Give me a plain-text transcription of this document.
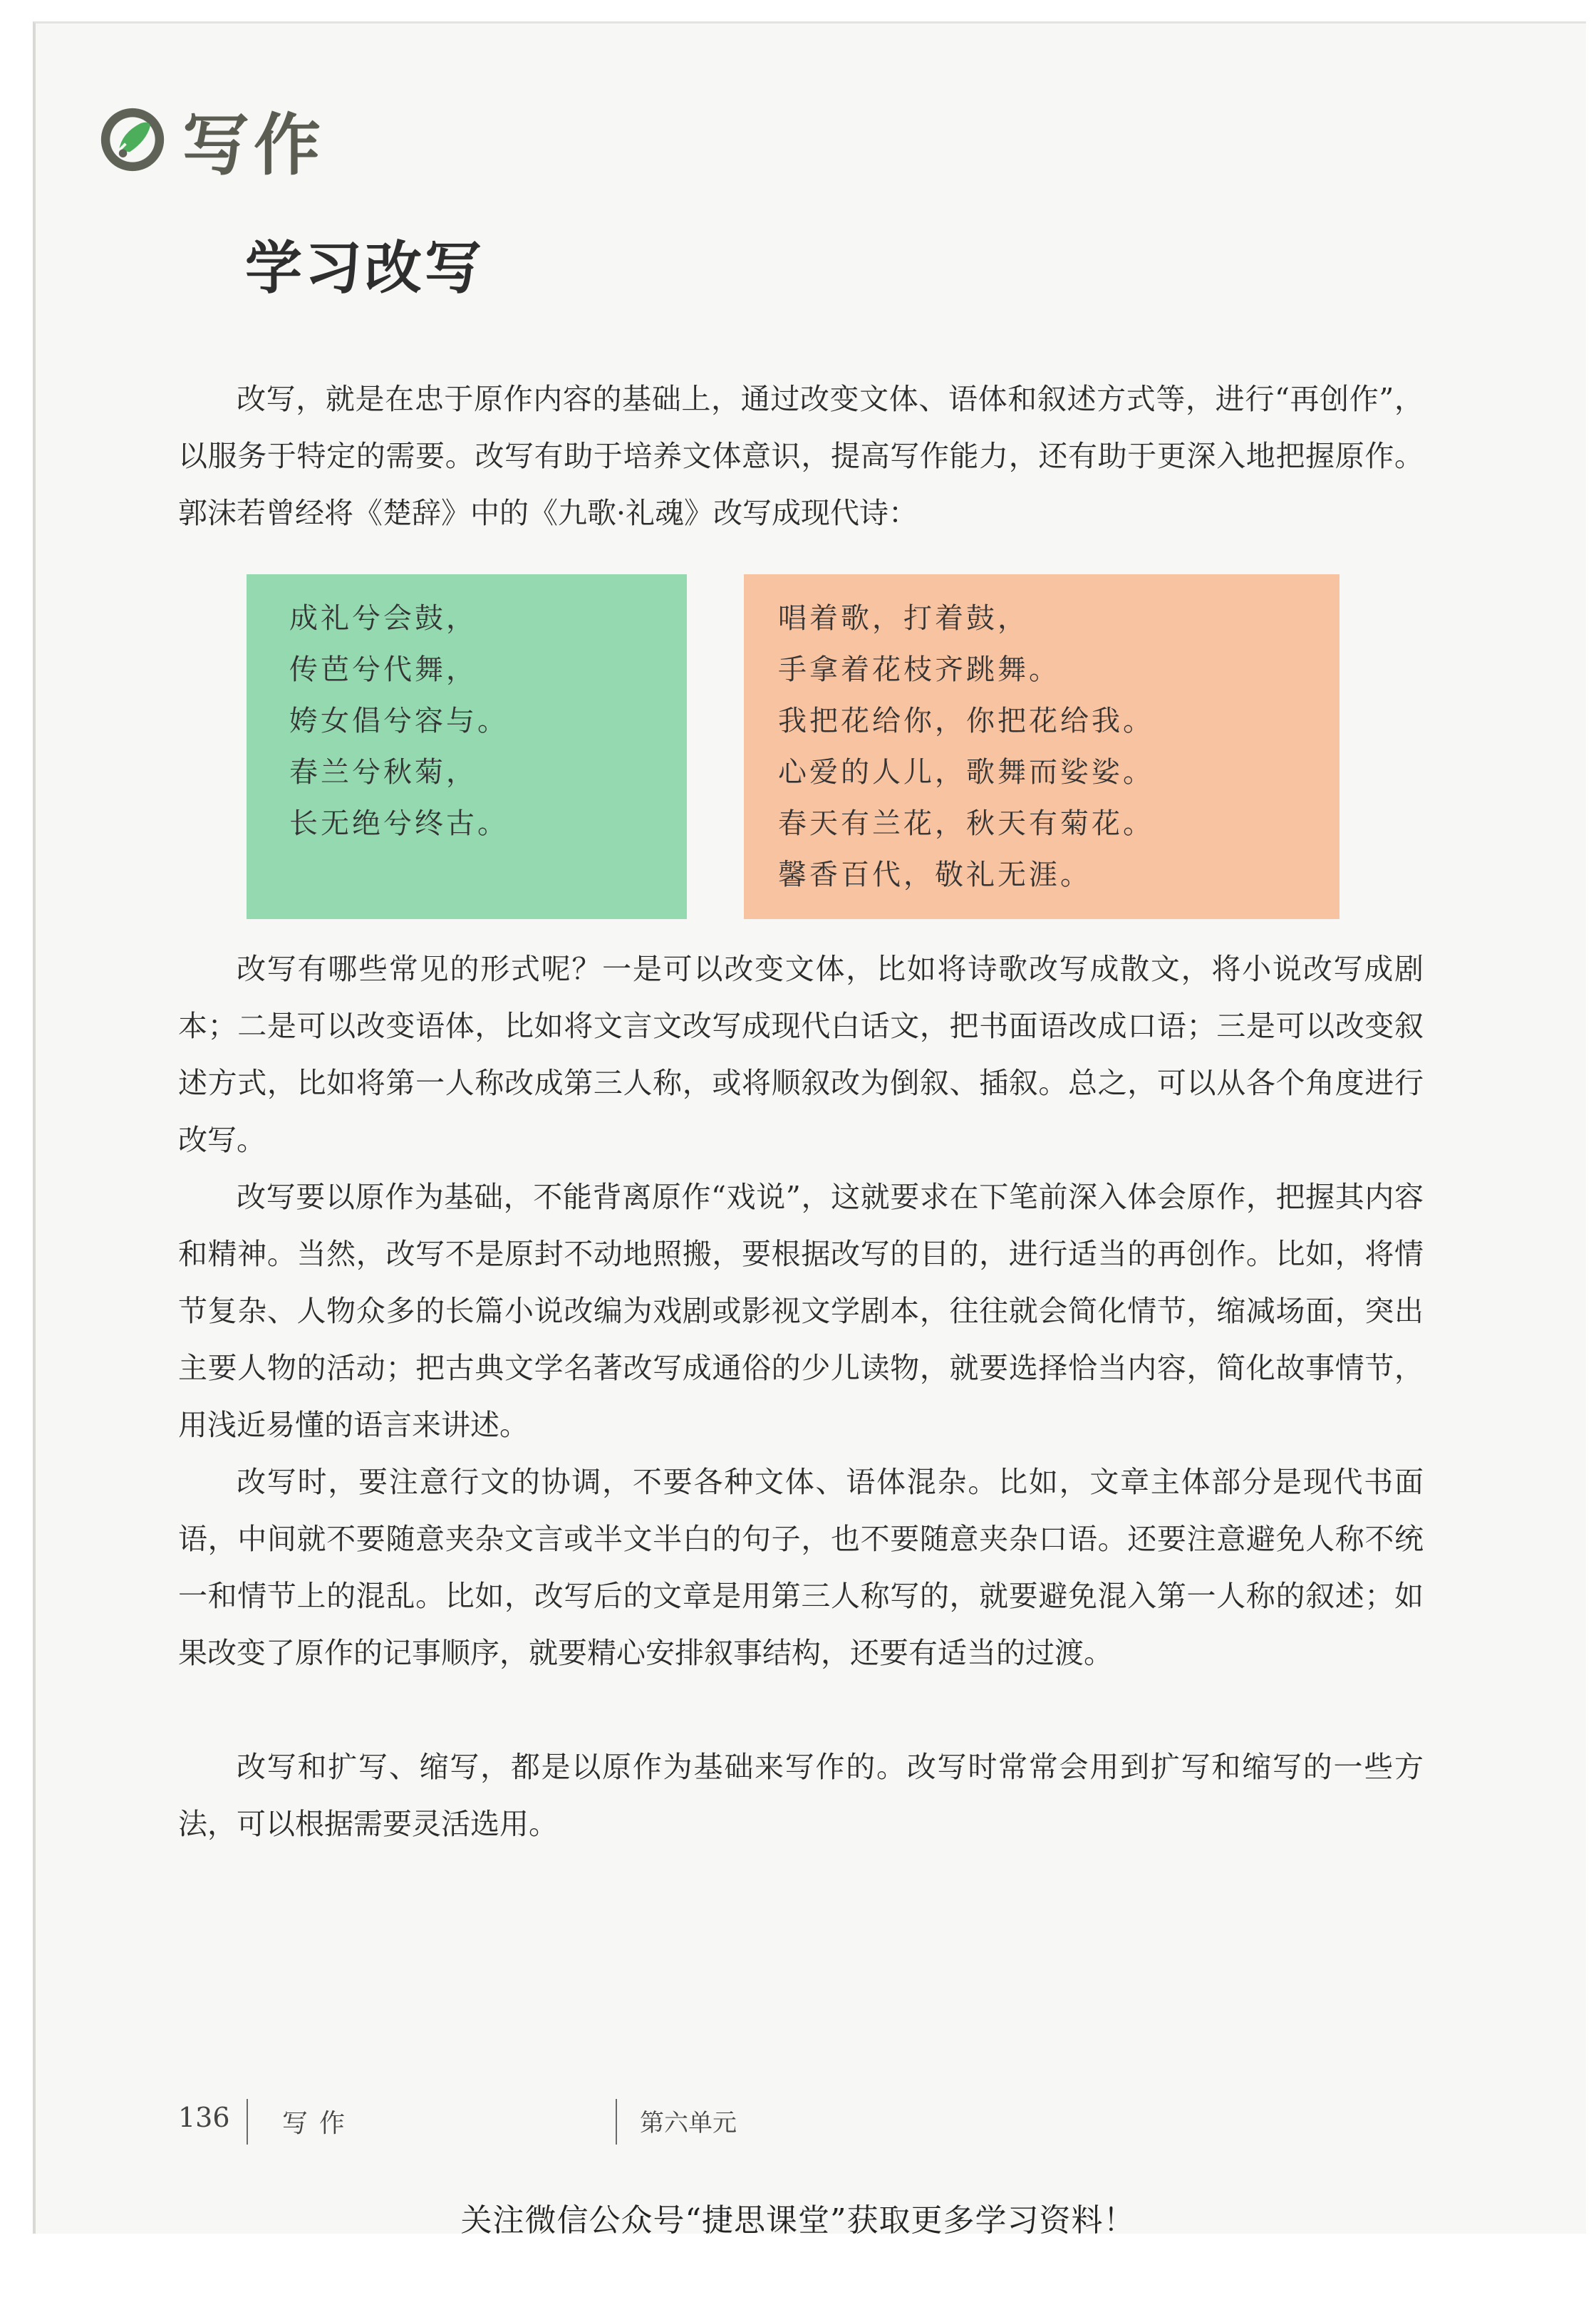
写作
学习改写

改写，就是在忠于原作内容的基础上，通过改变文体、语体和叙述方式等，进行“再创作”，以服务于特定的需要。改写有助于培养文体意识，提高写作能力，还有助于更深入地把握原作。郭沫若曾经将《楚辞》中的《九歌·礼魂》改写成现代诗：

成礼兮会鼓，
传芭兮代舞，
姱女倡兮容与。
春兰兮秋菊，
长无绝兮终古。
唱着歌，打着鼓，
手拿着花枝齐跳舞。
我把花给你，你把花给我。
心爱的人儿，歌舞而娑娑。
春天有兰花，秋天有菊花。
馨香百代，敬礼无涯。

改写有哪些常见的形式呢？一是可以改变文体，比如将诗歌改写成散文，将小说改写成剧本；二是可以改变语体，比如将文言文改写成现代白话文，把书面语改成口语；三是可以改变叙述方式，比如将第一人称改成第三人称，或将顺叙改为倒叙、插叙。总之，可以从各个角度进行改写。

改写要以原作为基础，不能背离原作“戏说”，这就要求在下笔前深入体会原作，把握其内容和精神。当然，改写不是原封不动地照搬，要根据改写的目的，进行适当的再创作。比如，将情节复杂、人物众多的长篇小说改编为戏剧或影视文学剧本，往往就会简化情节，缩减场面，突出主要人物的活动；把古典文学名著改写成通俗的少儿读物，就要选择恰当内容，简化故事情节，用浅近易懂的语言来讲述。

改写时，要注意行文的协调，不要各种文体、语体混杂。比如，文章主体部分是现代书面语，中间就不要随意夹杂文言或半文半白的句子，也不要随意夹杂口语。还要注意避免人称不统一和情节上的混乱。比如，改写后的文章是用第三人称写的，就要避免混入第一人称的叙述；如果改变了原作的记事顺序，就要精心安排叙事结构，还要有适当的过渡。

改写和扩写、缩写，都是以原作为基础来写作的。改写时常常会用到扩写和缩写的一些方法，可以根据需要灵活选用。

136 写作	第六单元
关注微信公众号“捷思课堂”获取更多学习资料！
